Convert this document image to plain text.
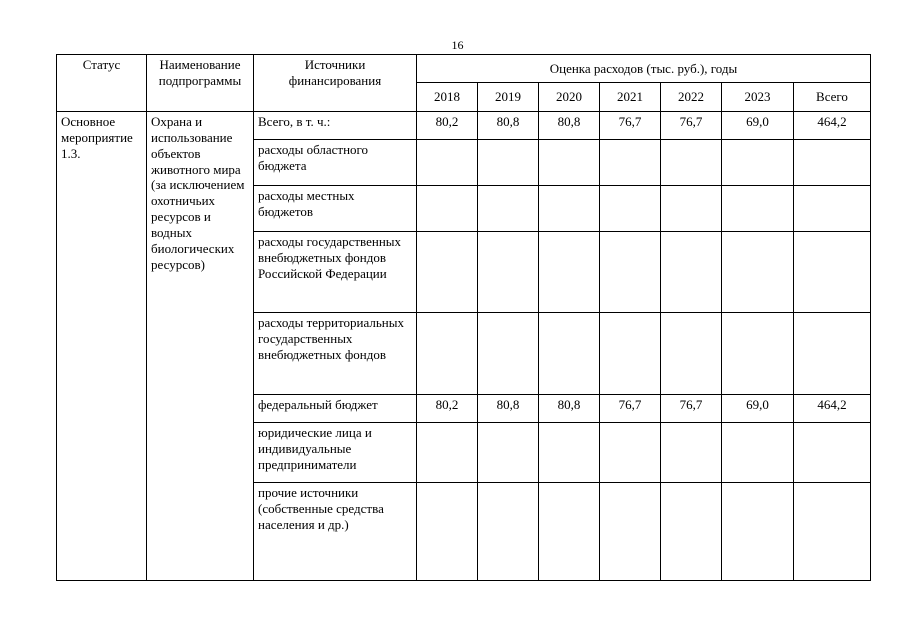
16
Статус	Наименование подпрограммы	Источники финансирования	Оценка расходов (тыс. руб.), годы						
			2018	2019	2020	2021	2022	2023	Всего
Основное мероприятие 1.3.	Охрана и использование объектов животного мира (за исключением охотничьих ресурсов и водных биологических ресурсов)	Всего, в т. ч.:	80,2	80,8	80,8	76,7	76,7	69,0	464,2
		расходы областного бюджета							
		расходы местных бюджетов							
		расходы государственных внебюджетных фондов Российской Федерации							
		расходы территориальных государственных внебюджетных фондов							
		федеральный бюджет	80,2	80,8	80,8	76,7	76,7	69,0	464,2
		юридические лица и индивидуальные предприниматели							
		прочие источники (собственные средства населения и др.)							
